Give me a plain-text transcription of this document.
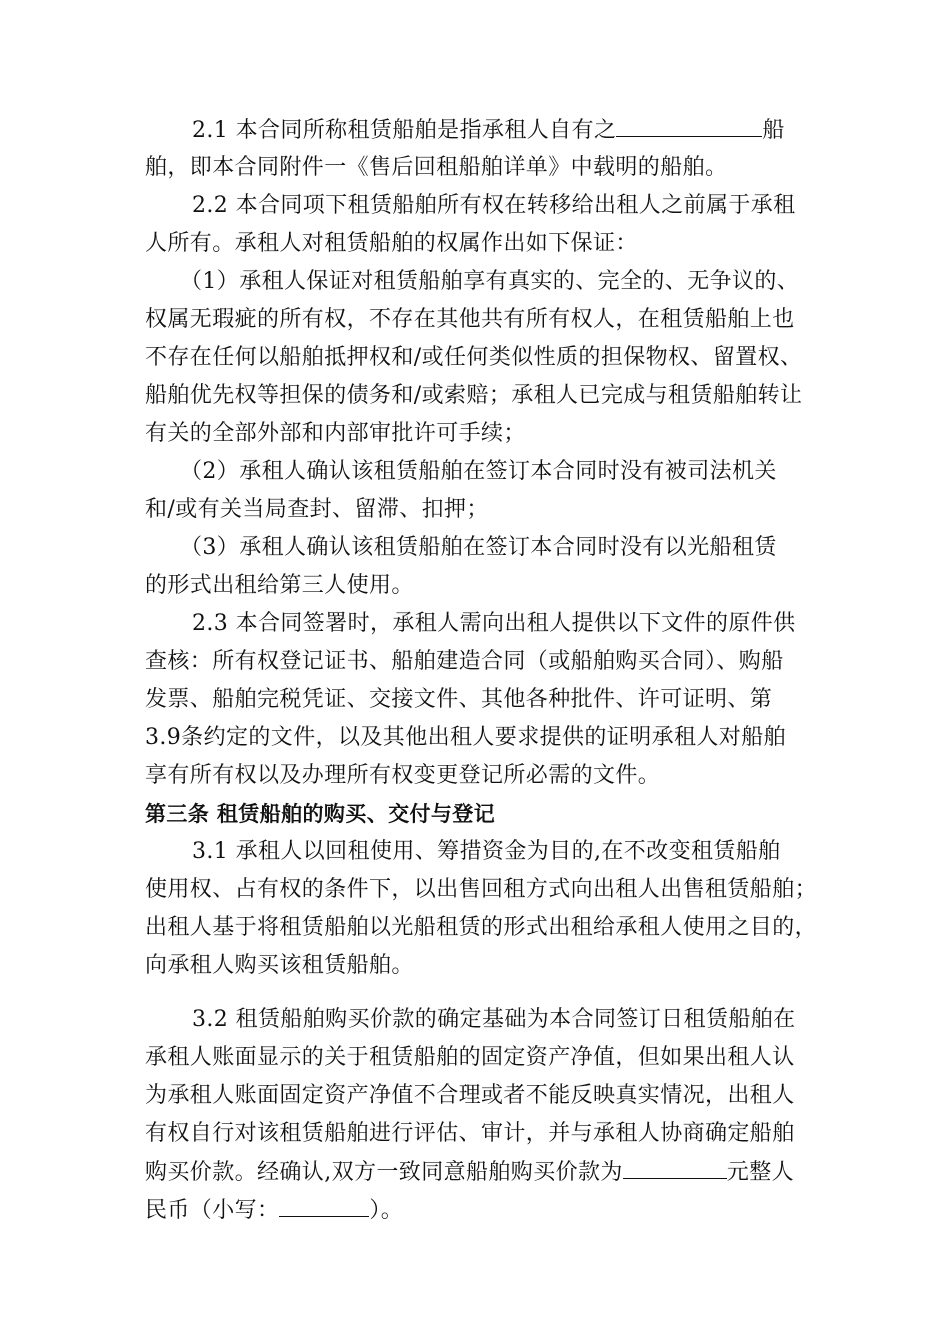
2.1 本合同所称租赁船舶是指承租人自有之	船
舶，即本合同附件一《售后回租船舶详单》中载明的船舶。
2.2 本合同项下租赁船舶所有权在转移给出租人之前属于承租
人所有。承租人对租赁船舶的权属作出如下保证：
（1）承租人保证对租赁船舶享有真实的、完全的、无争议的、
权属无瑕疵的所有权，不存在其他共有所有权人，在租赁船舶上也
不存在任何以船舶抵押权和/或任何类似性质的担保物权、留置权、
船舶优先权等担保的债务和/或索赔；承租人已完成与租赁船舶转让
有关的全部外部和内部审批许可手续；
（2）承租人确认该租赁船舶在签订本合同时没有被司法机关
和/或有关当局查封、留滞、扣押；
（3）承租人确认该租赁船舶在签订本合同时没有以光船租赁
的形式出租给第三人使用。
2.3 本合同签署时，承租人需向出租人提供以下文件的原件供
查核：所有权登记证书、船舶建造合同（或船舶购买合同）、购船
发票、船舶完税凭证、交接文件、其他各种批件、许可证明、第
3.9条约定的文件，以及其他出租人要求提供的证明承租人对船舶
享有所有权以及办理所有权变更登记所必需的文件。
第三条 租赁船舶的购买、交付与登记
3.1 承租人以回租使用、筹措资金为目的,在不改变租赁船舶
使用权、占有权的条件下，以出售回租方式向出租人出售租赁船舶；
出租人基于将租赁船舶以光船租赁的形式出租给承租人使用之目的，
向承租人购买该租赁船舶。
3.2 租赁船舶购买价款的确定基础为本合同签订日租赁船舶在
承租人账面显示的关于租赁船舶的固定资产净值，但如果出租人认
为承租人账面固定资产净值不合理或者不能反映真实情况，出租人
有权自行对该租赁船舶进行评估、审计，并与承租人协商确定船舶
购买价款。经确认,双方一致同意船舶购买价款为	元整人
民币（小写：	）。
